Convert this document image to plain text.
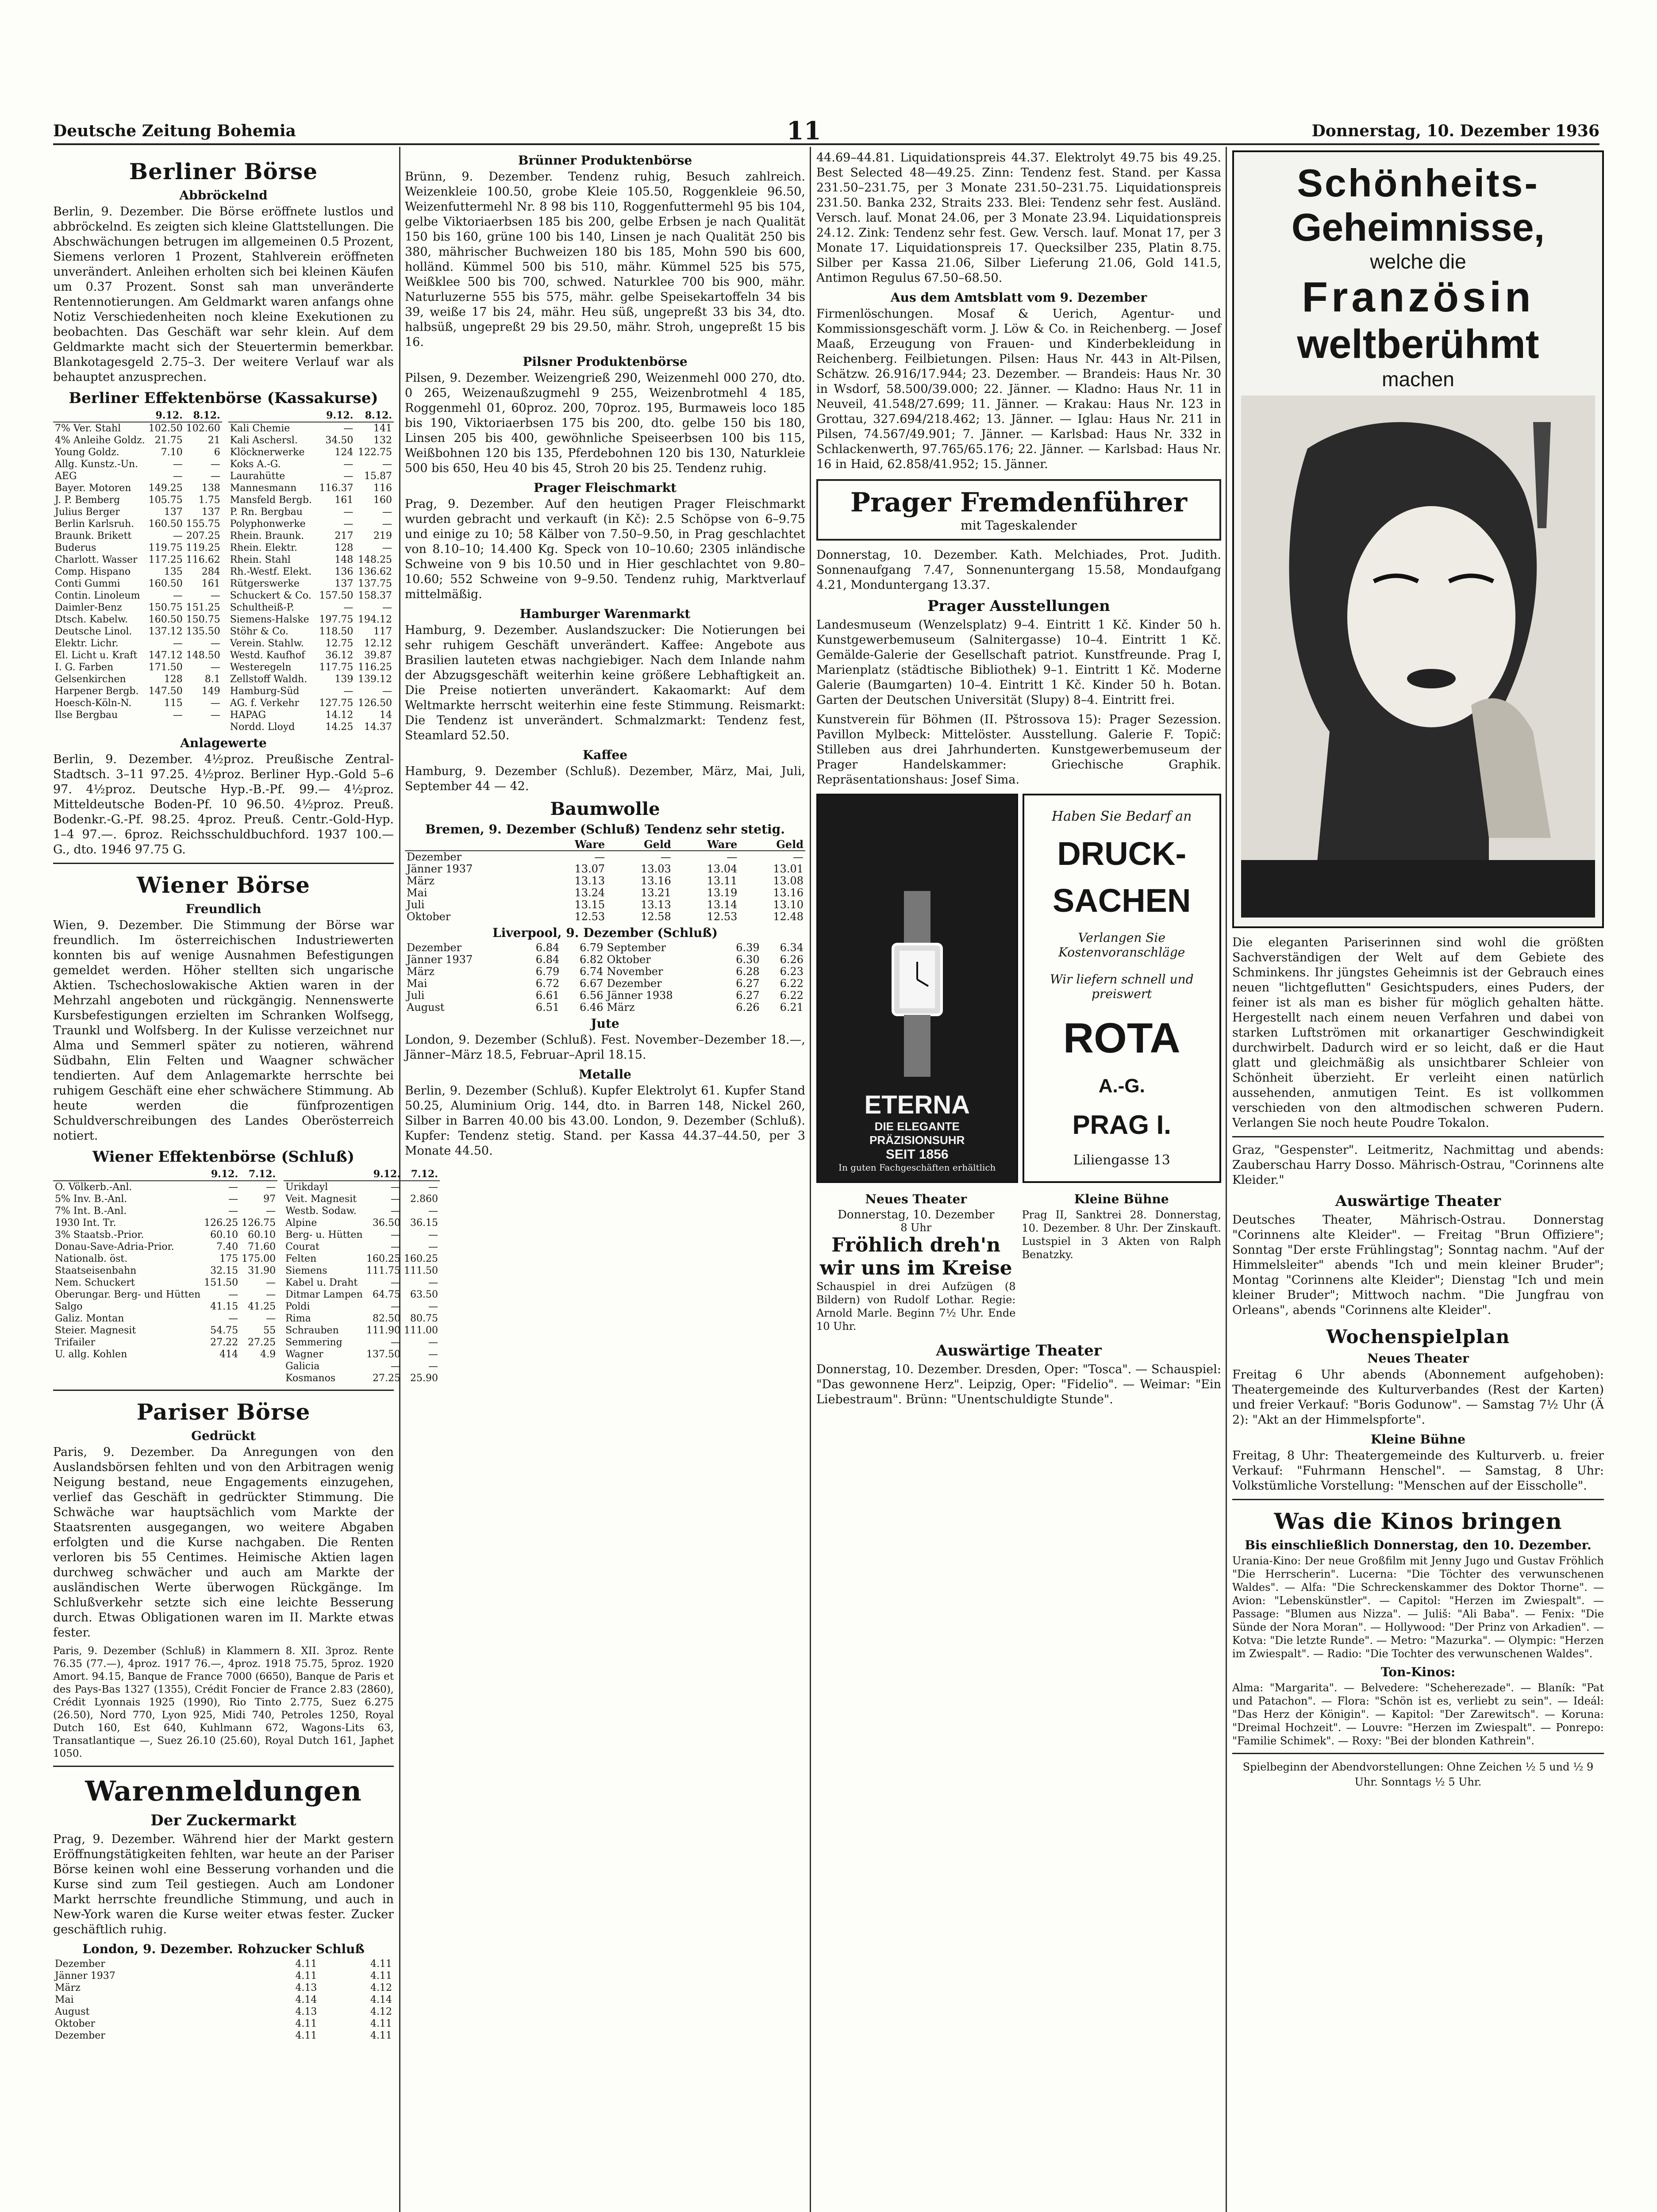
Deutsche Zeitung Bohemia	11	Donnerstag, 10. Dezember 1936
Berliner Börse
Abbröckelnd

Berlin, 9. Dezember. Die Börse eröffnete lustlos und abbröckelnd. Es zeigten sich kleine Glattstellungen. Die Abschwächungen betrugen im allgemeinen 0.5 Prozent, Siemens verloren 1 Prozent, Stahlverein eröffneten unverändert. Anleihen erholten sich bei kleinen Käufen um 0.37 Prozent. Sonst sah man unveränderte Rentennotierungen. Am Geldmarkt waren anfangs ohne Notiz Verschiedenheiten noch kleine Exekutionen zu beobachten. Das Geschäft war sehr klein. Auf dem Geldmarkte macht sich der Steuertermin bemerkbar. Blankotagesgeld 2.75–3. Der weitere Verlauf war als behauptet anzusprechen.

Berliner Effektenbörse (Kassakurse)
	9.12.	8.12.
7% Ver. Stahl	102.50	102.60
4% Anleihe Goldz.	21.75	21
Young Goldz.	7.10	6
Allg. Kunstz.-Un.	—	—
AEG	—	—
Bayer. Motoren	149.25	138
J. P. Bemberg	105.75	1.75
Julius Berger	137	137
Berlin Karlsruh.	160.50	155.75
Braunk. Brikett	—	207.25
Buderus	119.75	119.25
Charlott. Wasser	117.25	116.62
Comp. Hispano	135	284
Conti Gummi	160.50	161
Contin. Linoleum	—	—
Daimler-Benz	150.75	151.25
Dtsch. Kabelw.	160.50	150.75
Deutsche Linol.	137.12	135.50
Elektr. Lichr.	—	—
El. Licht u. Kraft	147.12	148.50
I. G. Farben	171.50	—
Gelsenkirchen	128	8.1
Harpener Bergb.	147.50	149
Hoesch-Köln-N.	115	—
Ilse Bergbau	—	—
	9.12.	8.12.
Kali Chemie	—	141
Kali Aschersl.	34.50	132
Klöcknerwerke	124	122.75
Koks A.-G.	—	—
Laurahütte	—	15.87
Mannesmann	116.37	116
Mansfeld Bergb.	161	160
P. Rn. Bergbau	—	—
Polyphonwerke	—	—
Rhein. Braunk.	217	219
Rhein. Elektr.	128	—
Rhein. Stahl	148	148.25
Rh.-Westf. Elekt.	136	136.62
Rütgerswerke	137	137.75
Schuckert & Co.	157.50	158.37
Schultheiß-P.	—	—
Siemens-Halske	197.75	194.12
Stöhr & Co.	118.50	117
Verein. Stahlw.	12.75	12.12
Westd. Kaufhof	36.12	39.87
Westeregeln	117.75	116.25
Zellstoff Waldh.	139	139.12
Hamburg-Süd	—	—
AG. f. Verkehr	127.75	126.50
HAPAG	14.12	14
Nordd. Lloyd	14.25	14.37
Anlagewerte

Berlin, 9. Dezember. 4½proz. Preußische Zentral-Stadtsch. 3–11 97.25. 4½proz. Berliner Hyp.-Gold 5–6 97. 4½proz. Deutsche Hyp.-B.-Pf. 99.— 4½proz. Mitteldeutsche Boden-Pf. 10 96.50. 4½proz. Preuß. Bodenkr.-G.-Pf. 98.25. 4proz. Preuß. Centr.-Gold-Hyp. 1–4 97.—. 6proz. Reichsschuldbuchford. 1937 100.— G., dto. 1946 97.75 G.

Wiener Börse
Freundlich

Wien, 9. Dezember. Die Stimmung der Börse war freundlich. Im österreichischen Industriewerten konnten bis auf wenige Ausnahmen Befestigungen gemeldet werden. Höher stellten sich ungarische Aktien. Tschechoslowakische Aktien waren in der Mehrzahl angeboten und rückgängig. Nennenswerte Kursbefestigungen erzielten im Schranken Wolfsegg, Traunkl und Wolfsberg. In der Kulisse verzeichnet nur Alma und Semmerl später zu notieren, während Südbahn, Elin Felten und Waagner schwächer tendierten. Auf dem Anlagemarkte herrschte bei ruhigem Geschäft eine eher schwächere Stimmung. Ab heute werden die fünfprozentigen Schuldverschreibungen des Landes Oberösterreich notiert.

Wiener Effektenbörse (Schluß)
	9.12.	7.12.
O. Völkerb.-Anl.	—	—
5% Inv. B.-Anl.	—	97
7% Int. B.-Anl.	—	—
1930 Int. Tr.	126.25	126.75
3% Staatsb.-Prior.	60.10	60.10
Donau-Save-Adria-Prior.	7.40	71.60
Nationalb. öst.	175	175.00
Staatseisenbahn	32.15	31.90
Nem. Schuckert	151.50	—
Oberungar. Berg- und Hütten	—	—
Salgo	41.15	41.25
Galiz. Montan	—	—
Steier. Magnesit	54.75	55
Trifailer	27.22	27.25
U. allg. Kohlen	414	4.9
	9.12.	7.12.
Urikdayl	—	—
Veit. Magnesit	—	2.860
Westb. Sodaw.	—	—
Alpine	36.50	36.15
Berg- u. Hütten	—	—
Courat	—	—
Felten	160.25	160.25
Siemens	111.75	111.50
Kabel u. Draht	—	—
Ditmar Lampen	64.75	63.50
Poldi	—	—
Rima	82.50	80.75
Schrauben	111.90	111.00
Semmering	—	—
Wagner	137.50	—
Galicia	—	—
Kosmanos	27.25	25.90
Pariser Börse
Gedrückt

Paris, 9. Dezember. Da Anregungen von den Auslandsbörsen fehlten und von den Arbitragen wenig Neigung bestand, neue Engagements einzugehen, verlief das Geschäft in gedrückter Stimmung. Die Schwäche war hauptsächlich vom Markte der Staatsrenten ausgegangen, wo weitere Abgaben erfolgten und die Kurse nachgaben. Die Renten verloren bis 55 Centimes. Heimische Aktien lagen durchweg schwächer und auch am Markte der ausländischen Werte überwogen Rückgänge. Im Schlußverkehr setzte sich eine leichte Besserung durch. Etwas Obligationen waren im II. Markte etwas fester.

Paris, 9. Dezember (Schluß) in Klammern 8. XII. 3proz. Rente 76.35 (77.—), 4proz. 1917 76.—, 4proz. 1918 75.75, 5proz. 1920 Amort. 94.15, Banque de France 7000 (6650), Banque de Paris et des Pays-Bas 1327 (1355), Crédit Foncier de France 2.83 (2860), Crédit Lyonnais 1925 (1990), Rio Tinto 2.775, Suez 6.275 (26.50), Nord 770, Lyon 925, Midi 740, Petroles 1250, Royal Dutch 160, Est 640, Kuhlmann 672, Wagons-Lits 63, Transatlantique —, Suez 26.10 (25.60), Royal Dutch 161, Japhet 1050.

Warenmeldungen
Der Zuckermarkt

Prag, 9. Dezember. Während hier der Markt gestern Eröffnungstätigkeiten fehlten, war heute an der Pariser Börse keinen wohl eine Besserung vorhanden und die Kurse sind zum Teil gestiegen. Auch am Londoner Markt herrschte freundliche Stimmung, und auch in New-York waren die Kurse weiter etwas fester. Zucker geschäftlich ruhig.

London, 9. Dezember. Rohzucker Schluß
Dezember	4.11	4.11
Jänner 1937	4.11	4.11
März	4.13	4.12
Mai	4.14	4.14
August	4.13	4.12
Oktober	4.11	4.11
Dezember	4.11	4.11
Brünner Produktenbörse

Brünn, 9. Dezember. Tendenz ruhig, Besuch zahlreich. Weizenkleie 100.50, grobe Kleie 105.50, Roggenkleie 96.50, Weizenfuttermehl Nr. 8 98 bis 110, Roggenfuttermehl 95 bis 104, gelbe Viktoriaerbsen 185 bis 200, gelbe Erbsen je nach Qualität 150 bis 160, grüne 100 bis 140, Linsen je nach Qualität 250 bis 380, mährischer Buchweizen 180 bis 185, Mohn 590 bis 600, holländ. Kümmel 500 bis 510, mähr. Kümmel 525 bis 575, Weißklee 500 bis 700, schwed. Naturklee 700 bis 900, mähr. Naturluzerne 555 bis 575, mähr. gelbe Speisekartoffeln 34 bis 39, weiße 17 bis 24, mähr. Heu süß, ungepreßt 33 bis 34, dto. halbsüß, ungepreßt 29 bis 29.50, mähr. Stroh, ungepreßt 15 bis 16.

Pilsner Produktenbörse

Pilsen, 9. Dezember. Weizengrieß 290, Weizenmehl 000 270, dto. 0 265, Weizenaußzugmehl 9 255, Weizenbrotmehl 4 185, Roggenmehl 01, 60proz. 200, 70proz. 195, Burmaweis loco 185 bis 190, Viktoriaerbsen 175 bis 200, dto. gelbe 150 bis 180, Linsen 205 bis 400, gewöhnliche Speiseerbsen 100 bis 115, Weißbohnen 120 bis 135, Pferdebohnen 120 bis 130, Naturkleie 500 bis 650, Heu 40 bis 45, Stroh 20 bis 25. Tendenz ruhig.

Prager Fleischmarkt

Prag, 9. Dezember. Auf den heutigen Prager Fleischmarkt wurden gebracht und verkauft (in Kč): 2.5 Schöpse von 6–9.75 und einige zu 10; 58 Kälber von 7.50–9.50, in Prag geschlachtet von 8.10–10; 14.400 Kg. Speck von 10–10.60; 2305 inländische Schweine von 9 bis 10.50 und in Hier geschlachtet von 9.80–10.60; 552 Schweine von 9–9.50. Tendenz ruhig, Marktverlauf mittelmäßig.

Hamburger Warenmarkt

Hamburg, 9. Dezember. Auslandszucker: Die Notierungen bei sehr ruhigem Geschäft unverändert. Kaffee: Angebote aus Brasilien lauteten etwas nachgiebiger. Nach dem Inlande nahm der Abzugsgeschäft weiterhin keine größere Lebhaftigkeit an. Die Preise notierten unverändert. Kakaomarkt: Auf dem Weltmarkte herrscht weiterhin eine feste Stimmung. Reismarkt: Die Tendenz ist unverändert. Schmalzmarkt: Tendenz fest, Steamlard 52.50.

Kaffee

Hamburg, 9. Dezember (Schluß). Dezember, März, Mai, Juli, September 44 — 42.

Baumwolle
Bremen, 9. Dezember (Schluß) Tendenz sehr stetig.
	Ware	Geld	Ware	Geld
Dezember	—	—	—	—
Jänner 1937	13.07	13.03	13.04	13.01
März	13.13	13.16	13.11	13.08
Mai	13.24	13.21	13.19	13.16
Juli	13.15	13.13	13.14	13.10
Oktober	12.53	12.58	12.53	12.48
Liverpool, 9. Dezember (Schluß)
Dezember	6.84	6.79	September	6.39	6.34
Jänner 1937	6.84	6.82	Oktober	6.30	6.26
März	6.79	6.74	November	6.28	6.23
Mai	6.72	6.67	Dezember	6.27	6.22
Juli	6.61	6.56	Jänner 1938	6.27	6.22
August	6.51	6.46	März	6.26	6.21
Jute

London, 9. Dezember (Schluß). Fest. November–Dezember 18.—, Jänner–März 18.5, Februar–April 18.15.

Metalle

Berlin, 9. Dezember (Schluß). Kupfer Elektrolyt 61. Kupfer Stand 50.25, Aluminium Orig. 144, dto. in Barren 148, Nickel 260, Silber in Barren 40.00 bis 43.00. London, 9. Dezember (Schluß). Kupfer: Tendenz stetig. Stand. per Kassa 44.37–44.50, per 3 Monate 44.50.

44.69–44.81. Liquidationspreis 44.37. Elektrolyt 49.75 bis 49.25. Best Selected 48—49.25. Zinn: Tendenz fest. Stand. per Kassa 231.50–231.75, per 3 Monate 231.50–231.75. Liquidationspreis 231.50. Banka 232, Straits 233. Blei: Tendenz sehr fest. Ausländ. Versch. lauf. Monat 24.06, per 3 Monate 23.94. Liquidationspreis 24.12. Zink: Tendenz sehr fest. Gew. Versch. lauf. Monat 17, per 3 Monate 17. Liquidationspreis 17. Quecksilber 235, Platin 8.75. Silber per Kassa 21.06, Silber Lieferung 21.06, Gold 141.5, Antimon Regulus 67.50–68.50.

Aus dem Amtsblatt vom 9. Dezember

Firmenlöschungen. Mosaf & Uerich, Agentur- und Kommissionsgeschäft vorm. J. Löw & Co. in Reichenberg. — Josef Maaß, Erzeugung von Frauen- und Kinderbekleidung in Reichenberg. Feilbietungen. Pilsen: Haus Nr. 443 in Alt-Pilsen, Schätzw. 26.916/17.944; 23. Dezember. — Brandeis: Haus Nr. 30 in Wsdorf, 58.500/39.000; 22. Jänner. — Kladno: Haus Nr. 11 in Neuveil, 41.548/27.699; 11. Jänner. — Krakau: Haus Nr. 123 in Grottau, 327.694/218.462; 13. Jänner. — Iglau: Haus Nr. 211 in Pilsen, 74.567/49.901; 7. Jänner. — Karlsbad: Haus Nr. 332 in Schlackenwerth, 97.765/65.176; 22. Jänner. — Karlsbad: Haus Nr. 16 in Haid, 62.858/41.952; 15. Jänner.

Prager Fremdenführer
mit Tageskalender

Donnerstag, 10. Dezember. Kath. Melchiades, Prot. Judith. Sonnenaufgang 7.47, Sonnenuntergang 15.58, Mondaufgang 4.21, Monduntergang 13.37.

Prager Ausstellungen

Landesmuseum (Wenzelsplatz) 9–4. Eintritt 1 Kč. Kinder 50 h. Kunstgewerbemuseum (Salnitergasse) 10–4. Eintritt 1 Kč. Gemälde-Galerie der Gesellschaft patriot. Kunstfreunde. Prag I, Marienplatz (städtische Bibliothek) 9–1. Eintritt 1 Kč. Moderne Galerie (Baumgarten) 10–4. Eintritt 1 Kč. Kinder 50 h. Botan. Garten der Deutschen Universität (Slupy) 8–4. Eintritt frei.

Kunstverein für Böhmen (II. Pštrossova 15): Prager Sezession. Pavillon Mylbeck: Mittelöster. Ausstellung. Galerie F. Topič: Stilleben aus drei Jahrhunderten. Kunstgewerbemuseum der Prager Handelskammer: Griechische Graphik. Repräsentationshaus: Josef Sima.

ETERNA
DIE ELEGANTE
PRÄZISIONSUHR
SEIT 1856
In guten Fachgeschäften erhältlich
Haben Sie Bedarf an
DRUCK-
SACHEN
Verlangen Sie Kostenvoranschläge
Wir liefern schnell und preiswert
ROTA
A.-G.
PRAG I.
Liliengasse 13
Neues Theater
Donnerstag, 10. Dezember
8 Uhr
Fröhlich dreh'n wir uns im Kreise

Schauspiel in drei Aufzügen (8 Bildern) von Rudolf Lothar. Regie: Arnold Marle. Beginn 7½ Uhr. Ende 10 Uhr.

Kleine Bühne

Prag II, Sanktrei 28. Donnerstag, 10. Dezember. 8 Uhr. Der Zinskauft. Lustspiel in 3 Akten von Ralph Benatzky.

Auswärtige Theater

Donnerstag, 10. Dezember. Dresden, Oper: "Tosca". — Schauspiel: "Das gewonnene Herz". Leipzig, Oper: "Fidelio". — Weimar: "Ein Liebestraum". Brünn: "Unentschuldigte Stunde".

Schönheits-
Geheimnisse,
welche die
Französin
weltberühmt
machen

Die eleganten Pariserinnen sind wohl die größten Sachverständigen der Welt auf dem Gebiete des Schminkens. Ihr jüngstes Geheimnis ist der Gebrauch eines neuen "lichtgeflutten" Gesichtspuders, eines Puders, der feiner ist als man es bisher für möglich gehalten hätte. Hergestellt nach einem neuen Verfahren und dabei von starken Luftströmen mit orkanartiger Geschwindigkeit durchwirbelt. Dadurch wird er so leicht, daß er die Haut glatt und gleichmäßig als unsichtbarer Schleier von Schönheit überzieht. Er verleiht einen natürlich aussehenden, anmutigen Teint. Es ist vollkommen verschieden von den altmodischen schweren Pudern. Verlangen Sie noch heute Poudre Tokalon.

Graz, "Gespenster". Leitmeritz, Nachmittag und abends: Zauberschau Harry Dosso. Mährisch-Ostrau, "Corinnens alte Kleider."

Auswärtige Theater

Deutsches Theater, Mährisch-Ostrau. Donnerstag "Corinnens alte Kleider". — Freitag "Brun Offiziere"; Sonntag "Der erste Frühlingstag"; Sonntag nachm. "Auf der Himmelsleiter" abends "Ich und mein kleiner Bruder"; Montag "Corinnens alte Kleider"; Dienstag "Ich und mein kleiner Bruder"; Mittwoch nachm. "Die Jungfrau von Orleans", abends "Corinnens alte Kleider".

Wochenspielplan
Neues Theater

Freitag 6 Uhr abends (Abonnement aufgehoben): Theatergemeinde des Kulturverbandes (Rest der Karten) und freier Verkauf: "Boris Godunow". — Samstag 7½ Uhr (Ä 2): "Akt an der Himmelspforte".

Kleine Bühne

Freitag, 8 Uhr: Theatergemeinde des Kulturverb. u. freier Verkauf: "Fuhrmann Henschel". — Samstag, 8 Uhr: Volkstümliche Vorstellung: "Menschen auf der Eisscholle".

Was die Kinos bringen
Bis einschließlich Donnerstag, den 10. Dezember.

Urania-Kino: Der neue Großfilm mit Jenny Jugo und Gustav Fröhlich "Die Herrscherin". Lucerna: "Die Töchter des verwunschenen Waldes". — Alfa: "Die Schreckenskammer des Doktor Thorne". — Avion: "Lebenskünstler". — Capitol: "Herzen im Zwiespalt". — Passage: "Blumen aus Nizza". — Juliš: "Ali Baba". — Fenix: "Die Sünde der Nora Moran". — Hollywood: "Der Prinz von Arkadien". — Kotva: "Die letzte Runde". — Metro: "Mazurka". — Olympic: "Herzen im Zwiespalt". — Radio: "Die Tochter des verwunschenen Waldes".

Ton-Kinos:

Alma: "Margarita". — Belvedere: "Scheherezade". — Blaník: "Pat und Patachon". — Flora: "Schön ist es, verliebt zu sein". — Ideál: "Das Herz der Königin". — Kapitol: "Der Zarewitsch". — Koruna: "Dreimal Hochzeit". — Louvre: "Herzen im Zwiespalt". — Ponrepo: "Familie Schimek". — Roxy: "Bei der blonden Kathrein".

Spielbeginn der Abendvorstellungen: Ohne Zeichen ½ 5 und ½ 9 Uhr. Sonntags ½ 5 Uhr.
